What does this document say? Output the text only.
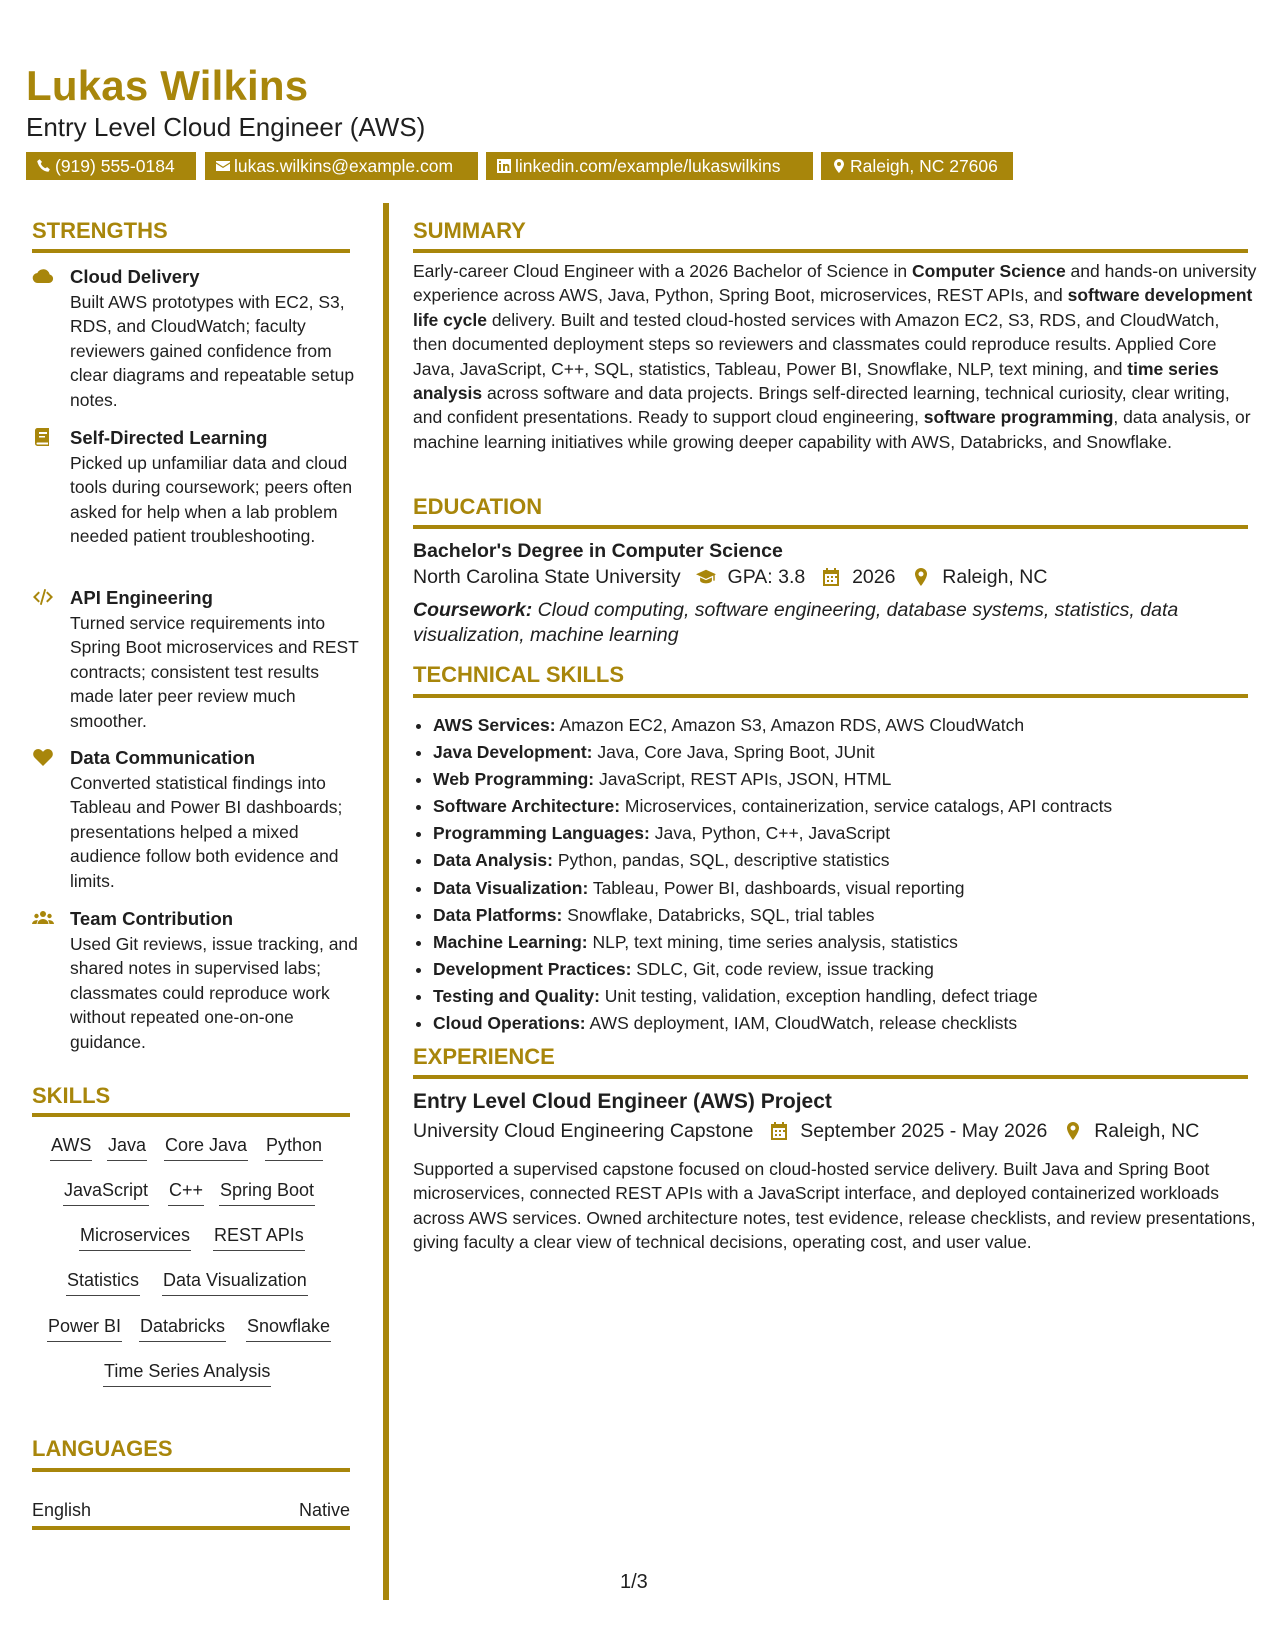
Lukas Wilkins
Entry Level Cloud Engineer (AWS)
(919) 555-0184	lukas.wilkins@example.com	linkedin.com/example/lukaswilkins	Raleigh, NC 27606
STRENGTHS
Cloud Delivery

Built AWS prototypes with EC2, S3, RDS, and CloudWatch; faculty reviewers gained confidence from clear diagrams and repeatable setup notes.

Self-Directed Learning

Picked up unfamiliar data and cloud tools during coursework; peers often asked for help when a lab problem needed patient troubleshooting.

API Engineering

Turned service requirements into Spring Boot microservices and REST contracts; consistent test results made later peer review much smoother.

Data Communication

Converted statistical findings into Tableau and Power BI dashboards; presentations helped a mixed audience follow both evidence and limits.

Team Contribution

Used Git reviews, issue tracking, and shared notes in supervised labs; classmates could reproduce work without repeated one-on-one guidance.

SKILLS
AWS Java Core Java Python
JavaScript C++ Spring Boot
Microservices REST APIs
Statistics Data Visualization
Power BI Databricks Snowflake
Time Series Analysis
LANGUAGES
English	Native
SUMMARY

Early-career Cloud Engineer with a 2026 Bachelor of Science in Computer Science and hands-on university experience across AWS, Java, Python, Spring Boot, microservices, REST APIs, and software development life cycle delivery. Built and tested cloud-hosted services with Amazon EC2, S3, RDS, and CloudWatch, then documented deployment steps so reviewers and classmates could reproduce results. Applied Core Java, JavaScript, C++, SQL, statistics, Tableau, Power BI, Snowflake, NLP, text mining, and time series analysis across software and data projects. Brings self-directed learning, technical curiosity, clear writing, and confident presentations. Ready to support cloud engineering, software programming, data analysis, or machine learning initiatives while growing deeper capability with AWS, Databricks, and Snowflake.

EDUCATION
Bachelor's Degree in Computer Science
North Carolina State University GPA: 3.8 2026 Raleigh, NC

Coursework: Cloud computing, software engineering, database systems, statistics, data visualization, machine learning

TECHNICAL SKILLS
• AWS Services: Amazon EC2, Amazon S3, Amazon RDS, AWS CloudWatch
• Java Development: Java, Core Java, Spring Boot, JUnit
• Web Programming: JavaScript, REST APIs, JSON, HTML
• Software Architecture: Microservices, containerization, service catalogs, API contracts
• Programming Languages: Java, Python, C++, JavaScript
• Data Analysis: Python, pandas, SQL, descriptive statistics
• Data Visualization: Tableau, Power BI, dashboards, visual reporting
• Data Platforms: Snowflake, Databricks, SQL, trial tables
• Machine Learning: NLP, text mining, time series analysis, statistics
• Development Practices: SDLC, Git, code review, issue tracking
• Testing and Quality: Unit testing, validation, exception handling, defect triage
• Cloud Operations: AWS deployment, IAM, CloudWatch, release checklists
EXPERIENCE
Entry Level Cloud Engineer (AWS) Project
University Cloud Engineering Capstone September 2025 - May 2026 Raleigh, NC

Supported a supervised capstone focused on cloud-hosted service delivery. Built Java and Spring Boot microservices, connected REST APIs with a JavaScript interface, and deployed containerized workloads across AWS services. Owned architecture notes, test evidence, release checklists, and review presentations, giving faculty a clear view of technical decisions, operating cost, and user value.

1/3
